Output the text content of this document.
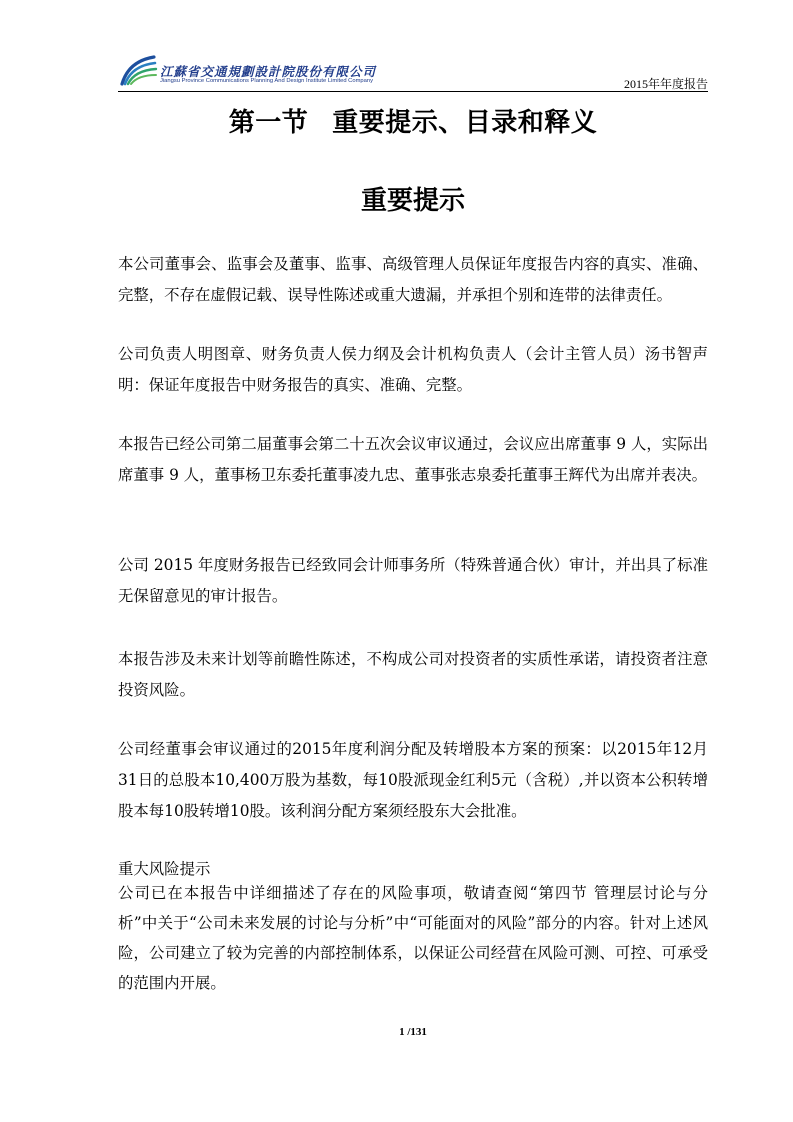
江蘇省交通規劃設計院股份有限公司
Jiangsu Province Communications Planning And Design Institute Limited Company	2015年年度报告
第一节 重要提示、目录和释义
重要提示

本公司董事会、监事会及董事、监事、高级管理人员保证年度报告内容的真实、准确、完整，不存在虚假记载、误导性陈述或重大遗漏，并承担个别和连带的法律责任。

公司负责人明图章、财务负责人侯力纲及会计机构负责人（会计主管人员）汤书智声明：保证年度报告中财务报告的真实、准确、完整。

本报告已经公司第二届董事会第二十五次会议审议通过，会议应出席董事 9 人，实际出席董事 9 人，董事杨卫东委托董事凌九忠、董事张志泉委托董事王辉代为出席并表决。

公司 2015 年度财务报告已经致同会计师事务所（特殊普通合伙）审计，并出具了标准无保留意见的审计报告。

本报告涉及未来计划等前瞻性陈述，不构成公司对投资者的实质性承诺，请投资者注意投资风险。

公司经董事会审议通过的2015年度利润分配及转增股本方案的预案：以2015年12月31日的总股本10,400万股为基数，每10股派现金红利5元（含税）,并以资本公积转增股本每10股转增10股。该利润分配方案须经股东大会批准。

重大风险提示

公司已在本报告中详细描述了存在的风险事项，敬请查阅“第四节 管理层讨论与分析”中关于“公司未来发展的讨论与分析”中“可能面对的风险”部分的内容。针对上述风险，公司建立了较为完善的内部控制体系，以保证公司经营在风险可测、可控、可承受的范围内开展。

1 /131
